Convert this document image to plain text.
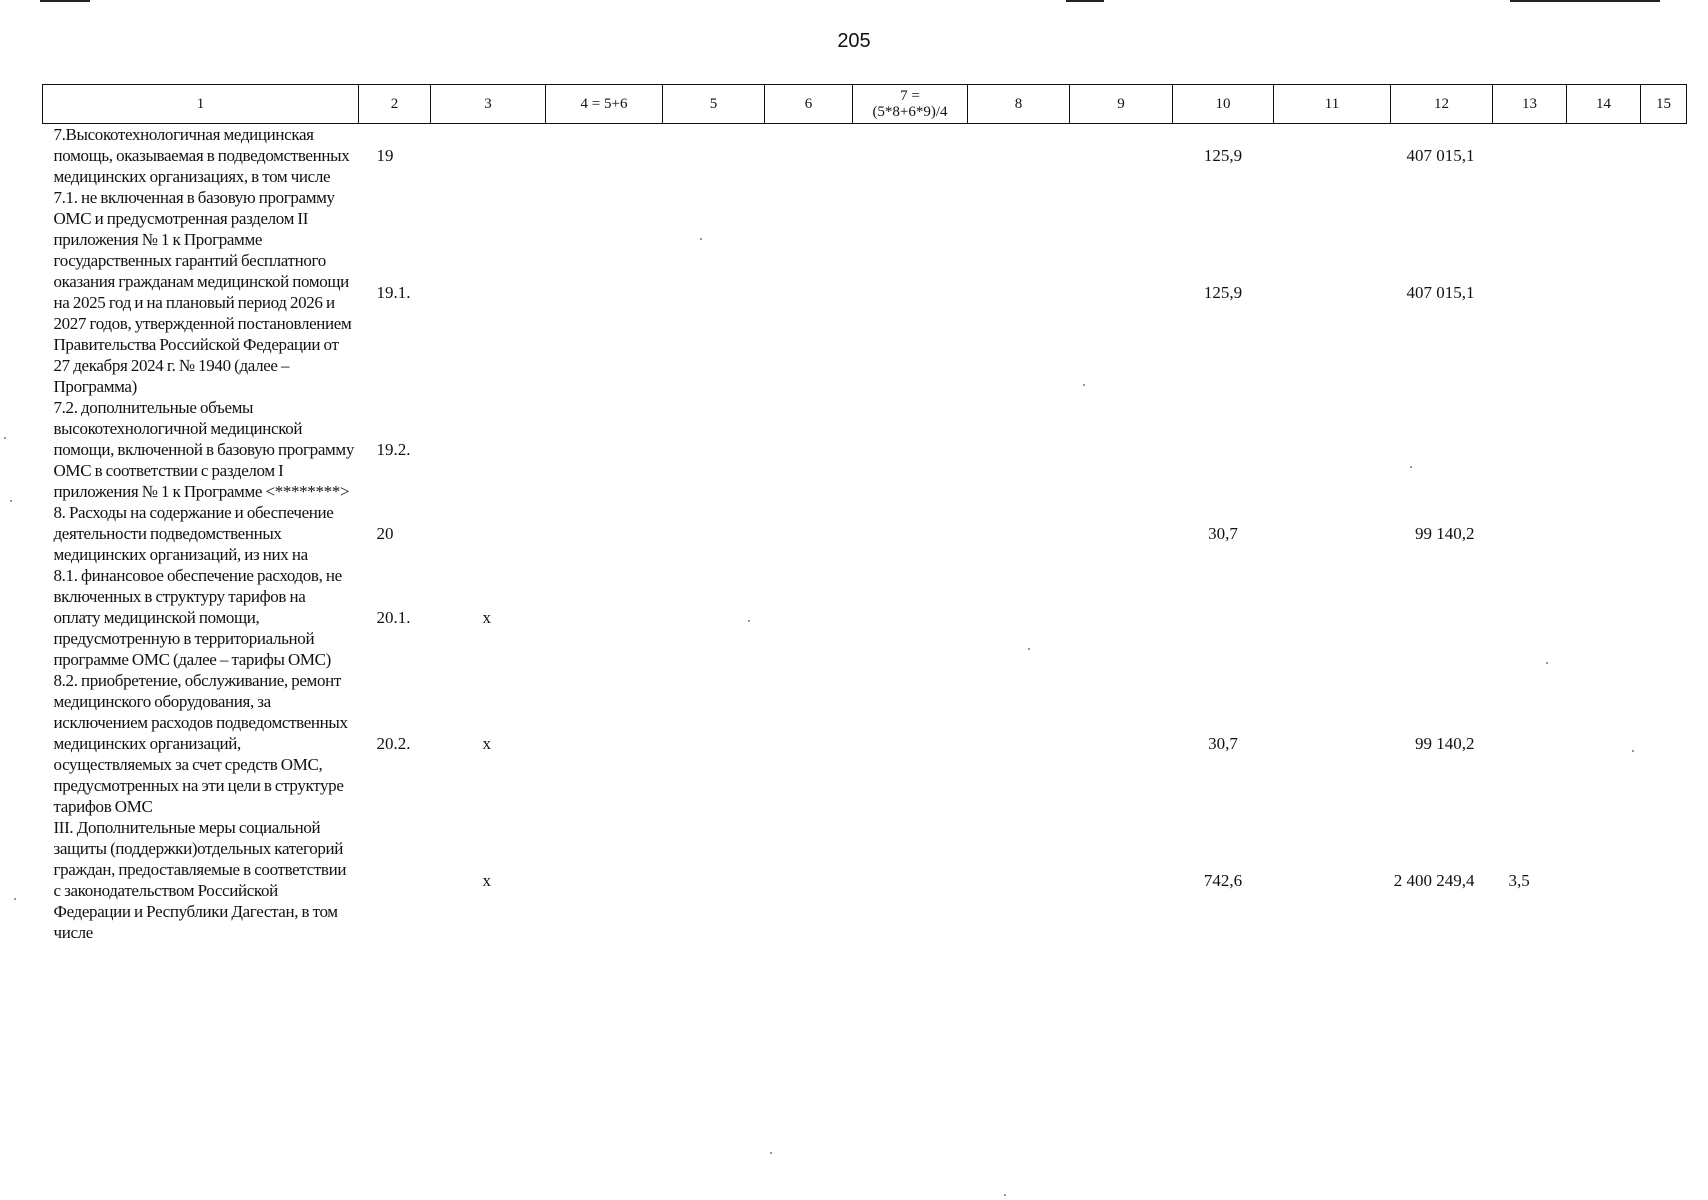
205
1	2	3	4 = 5+6	5	6	7 =
(5*8+6*9)/4	8	9	10	11	12	13	14	15
7.Высокотехнологичная медицинская помощь, оказываемая в подведомственных медицинских организациях, в том числе	19								125,9		407 015,1			
7.1. не включенная в базовую программу ОМС и предусмотренная разделом II приложения № 1 к Программе государственных гарантий бесплатного оказания гражданам медицинской помощи на 2025 год и на плановый период 2026 и 2027 годов, утвержденной постановлением Правительства Российской Федерации от 27 декабря 2024 г. № 1940 (далее – Программа)	19.1.								125,9		407 015,1			
7.2. дополнительные объемы высокотехнологичной медицинской помощи, включенной в базовую программу ОМС в соответствии с разделом I приложения № 1 к Программе <********>	19.2.													
8. Расходы на содержание и обеспечение деятельности подведомственных медицинских организаций, из них на	20								30,7		99 140,2			
8.1. финансовое обеспечение расходов, не включенных в структуру тарифов на оплату медицинской помощи, предусмотренную в территориальной программе ОМС (далее – тарифы ОМС)	20.1.	х												
8.2. приобретение, обслуживание, ремонт медицинского оборудования, за исключением расходов подведомственных медицинских организаций, осуществляемых за счет средств ОМС, предусмотренных на эти цели в структуре тарифов ОМС	20.2.	х							30,7		99 140,2			
III. Дополнительные меры социальной защиты (поддержки)отдельных категорий граждан, предоставляемые в соответствии с законодательством Российской Федерации и Республики Дагестан, в том числе		х							742,6		2 400 249,4	3,5		
